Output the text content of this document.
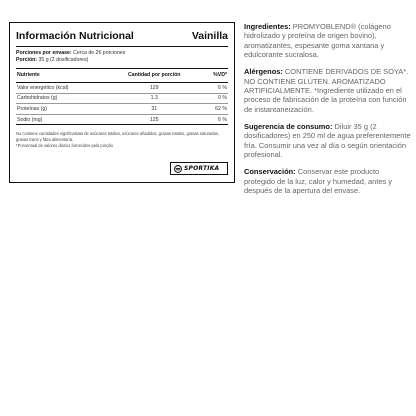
Información Nutricional	Vainilla
Porciones por envase: Cerca de 26 porciones
Porción: 35 g (2 dosificadores)
Nutriente	Cantidad por porción	%VD*
Valor energético (kcal)	129	6 %
Carbohidratos (g)	1.3	0 %
Proteínas (g)	31	62 %
Sodio (mg)	125	6 %
No contiene cantidades significativas de azúcares totales, azúcares añadidos, grasas totales, grasas saturadas, grasas trans y fibra alimentaria.
*Porcentual de valores diarios fornecidos pela porção
SPORTIKA

Ingredientes: PROMYOBLEND® (colágeno hidrolizado y proteína de origen bovino), aromatizantes, espesante goma xantana y edulcorante sucralosa.

Alérgenos: CONTIENE DERIVADOS DE SOYA*. NO CONTIENE GLÚTEN. AROMATIZADO ARTIFICIALMENTE. *Ingrediente utilizado en el proceso de fabricación de la proteína con función de instantaneización.

Sugerencia de consumo: Diluir 35 g (2 dosificadores) en 250 ml de agua preferentemente fría. Consumir una vez al día o según orientación profesional.

Conservación: Conservar este producto protegido de la luz, calor y humedad, antes y después de la apertura del envase.
